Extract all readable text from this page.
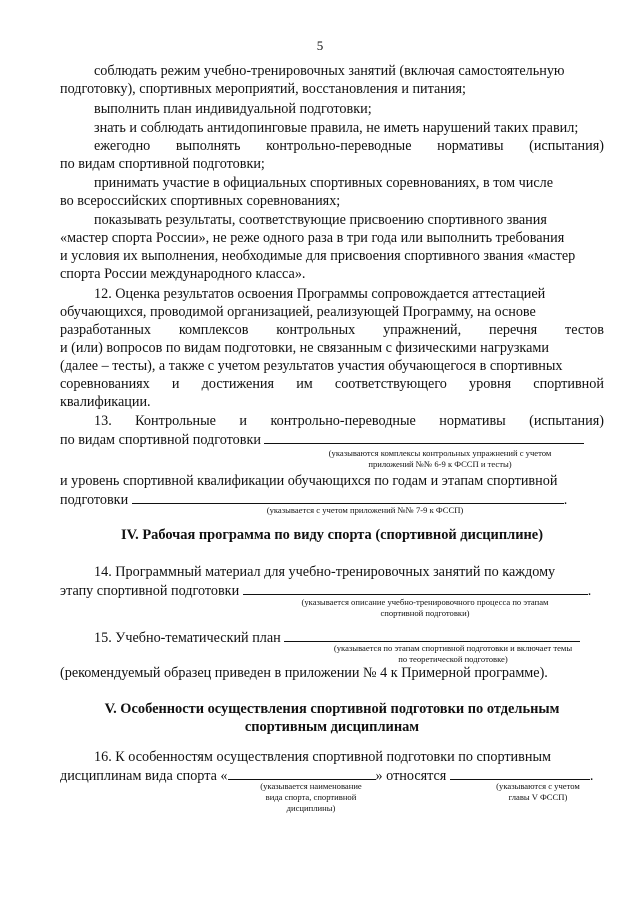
5
соблюдать режим учебно-тренировочных занятий (включая самостоятельную
подготовку), спортивных мероприятий, восстановления и питания;
выполнить план индивидуальной подготовки;
знать и соблюдать антидопинговые правила, не иметь нарушений таких правил;
ежегодно выполнять контрольно-переводные нормативы (испытания)
по видам спортивной подготовки;
принимать участие в официальных спортивных соревнованиях, в том числе
во всероссийских спортивных соревнованиях;
показывать результаты, соответствующие присвоению спортивного звания
«мастер спорта России», не реже одного раза в три года или выполнить требования
и условия их выполнения, необходимые для присвоения спортивного звания «мастер
спорта России международного класса».
12. Оценка результатов освоения Программы сопровождается аттестацией
обучающихся, проводимой организацией, реализующей Программу, на основе
разработанных комплексов контрольных упражнений, перечня тестов
и (или) вопросов по видам подготовки, не связанным с физическими нагрузками
(далее – тесты), а также с учетом результатов участия обучающегося в спортивных
соревнованиях и достижения им соответствующего уровня спортивной
квалификации.
13. Контрольные и контрольно-переводные нормативы (испытания)
по видам спортивной подготовки
(указываются комплексы контрольных упражнений с учетом
приложений №№ 6-9 к ФССП и тесты)
и уровень спортивной квалификации обучающихся по годам и этапам спортивной
подготовки	.
(указывается с учетом приложений №№ 7-9 к ФССП)
IV. Рабочая программа по виду спорта (спортивной дисциплине)
14. Программный материал для учебно-тренировочных занятий по каждому
этапу спортивной подготовки	.
(указывается описание учебно-тренировочного процесса по этапам
спортивной подготовки)
15. Учебно-тематический план
(указывается по этапам спортивной подготовки и включает темы
по теоретической подготовке)
(рекомендуемый образец приведен в приложении № 4 к Примерной программе).
V. Особенности осуществления спортивной подготовки по отдельным
спортивным дисциплинам
16. К особенностям осуществления спортивной подготовки по спортивным
дисциплинам вида спорта «	» относятся	.
(указывается наименование
вида спорта, спортивной
дисциплины)
(указываются с учетом
главы V ФССП)
